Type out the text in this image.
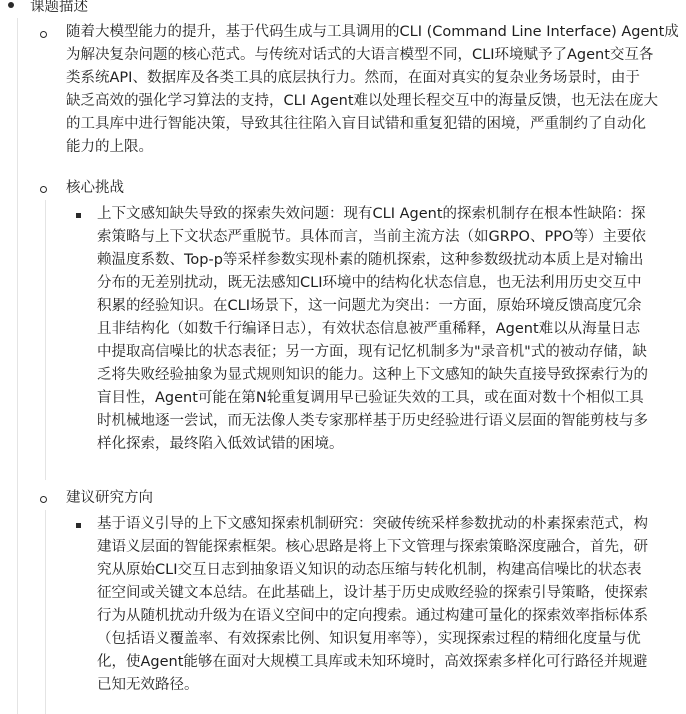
课题描述
随着大模型能力的提升，基于代码生成与工具调用的CLI (Command Line Interface) Agent成
为解决复杂问题的核心范式。与传统对话式的大语言模型不同，CLI环境赋予了Agent交互各
类系统API、数据库及各类工具的底层执行力。然而，在面对真实的复杂业务场景时，由于
缺乏高效的强化学习算法的支持，CLI Agent难以处理长程交互中的海量反馈，也无法在庞大
的工具库中进行智能决策，导致其往往陷入盲目试错和重复犯错的困境，严重制约了自动化
能力的上限。
核心挑战
上下文感知缺失导致的探索失效问题：现有CLI Agent的探索机制存在根本性缺陷：探
索策略与上下文状态严重脱节。具体而言，当前主流方法（如GRPO、PPO等）主要依
赖温度系数、Top-p等采样参数实现朴素的随机探索，这种参数级扰动本质上是对输出
分布的无差别扰动，既无法感知CLI环境中的结构化状态信息，也无法利用历史交互中
积累的经验知识。在CLI场景下，这一问题尤为突出：一方面，原始环境反馈高度冗余
且非结构化（如数千行编译日志），有效状态信息被严重稀释，Agent难以从海量日志
中提取高信噪比的状态表征；另一方面，现有记忆机制多为"录音机"式的被动存储，缺
乏将失败经验抽象为显式规则知识的能力。这种上下文感知的缺失直接导致探索行为的
盲目性，Agent可能在第N轮重复调用早已验证失效的工具，或在面对数十个相似工具
时机械地逐一尝试，而无法像人类专家那样基于历史经验进行语义层面的智能剪枝与多
样化探索，最终陷入低效试错的困境。
建议研究方向
基于语义引导的上下文感知探索机制研究：突破传统采样参数扰动的朴素探索范式，构
建语义层面的智能探索框架。核心思路是将上下文管理与探索策略深度融合，首先，研
究从原始CLI交互日志到抽象语义知识的动态压缩与转化机制，构建高信噪比的状态表
征空间或关键文本总结。在此基础上，设计基于历史成败经验的探索引导策略，使探索
行为从随机扰动升级为在语义空间中的定向搜索。通过构建可量化的探索效率指标体系
（包括语义覆盖率、有效探索比例、知识复用率等），实现探索过程的精细化度量与优
化，使Agent能够在面对大规模工具库或未知环境时，高效探索多样化可行路径并规避
已知无效路径。
